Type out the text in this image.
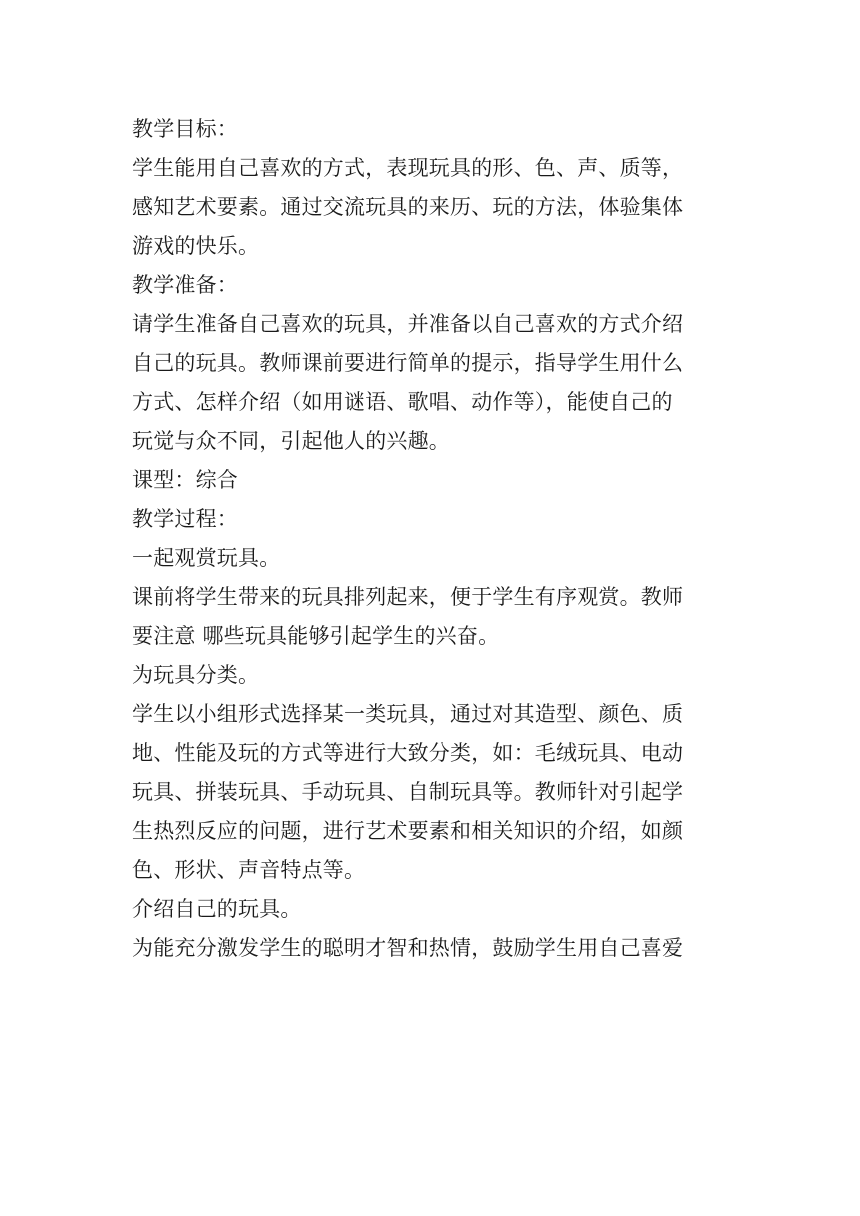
教学目标：
学生能用自己喜欢的方式，表现玩具的形、色、声、质等，
感知艺术要素。通过交流玩具的来历、玩的方法，体验集体
游戏的快乐。
教学准备：
请学生准备自己喜欢的玩具，并准备以自己喜欢的方式介绍
自己的玩具。教师课前要进行简单的提示，指导学生用什么
方式、怎样介绍（如用谜语、歌唱、动作等），能使自己的
玩觉与众不同，引起他人的兴趣。
课型：综合
教学过程：
一起观赏玩具。
课前将学生带来的玩具排列起来，便于学生有序观赏。教师
要注意 哪些玩具能够引起学生的兴奋。
为玩具分类。
学生以小组形式选择某一类玩具，通过对其造型、颜色、质
地、性能及玩的方式等进行大致分类，如：毛绒玩具、电动
玩具、拼装玩具、手动玩具、自制玩具等。教师针对引起学
生热烈反应的问题，进行艺术要素和相关知识的介绍，如颜
色、形状、声音特点等。
介绍自己的玩具。
为能充分激发学生的聪明才智和热情，鼓励学生用自己喜爱
